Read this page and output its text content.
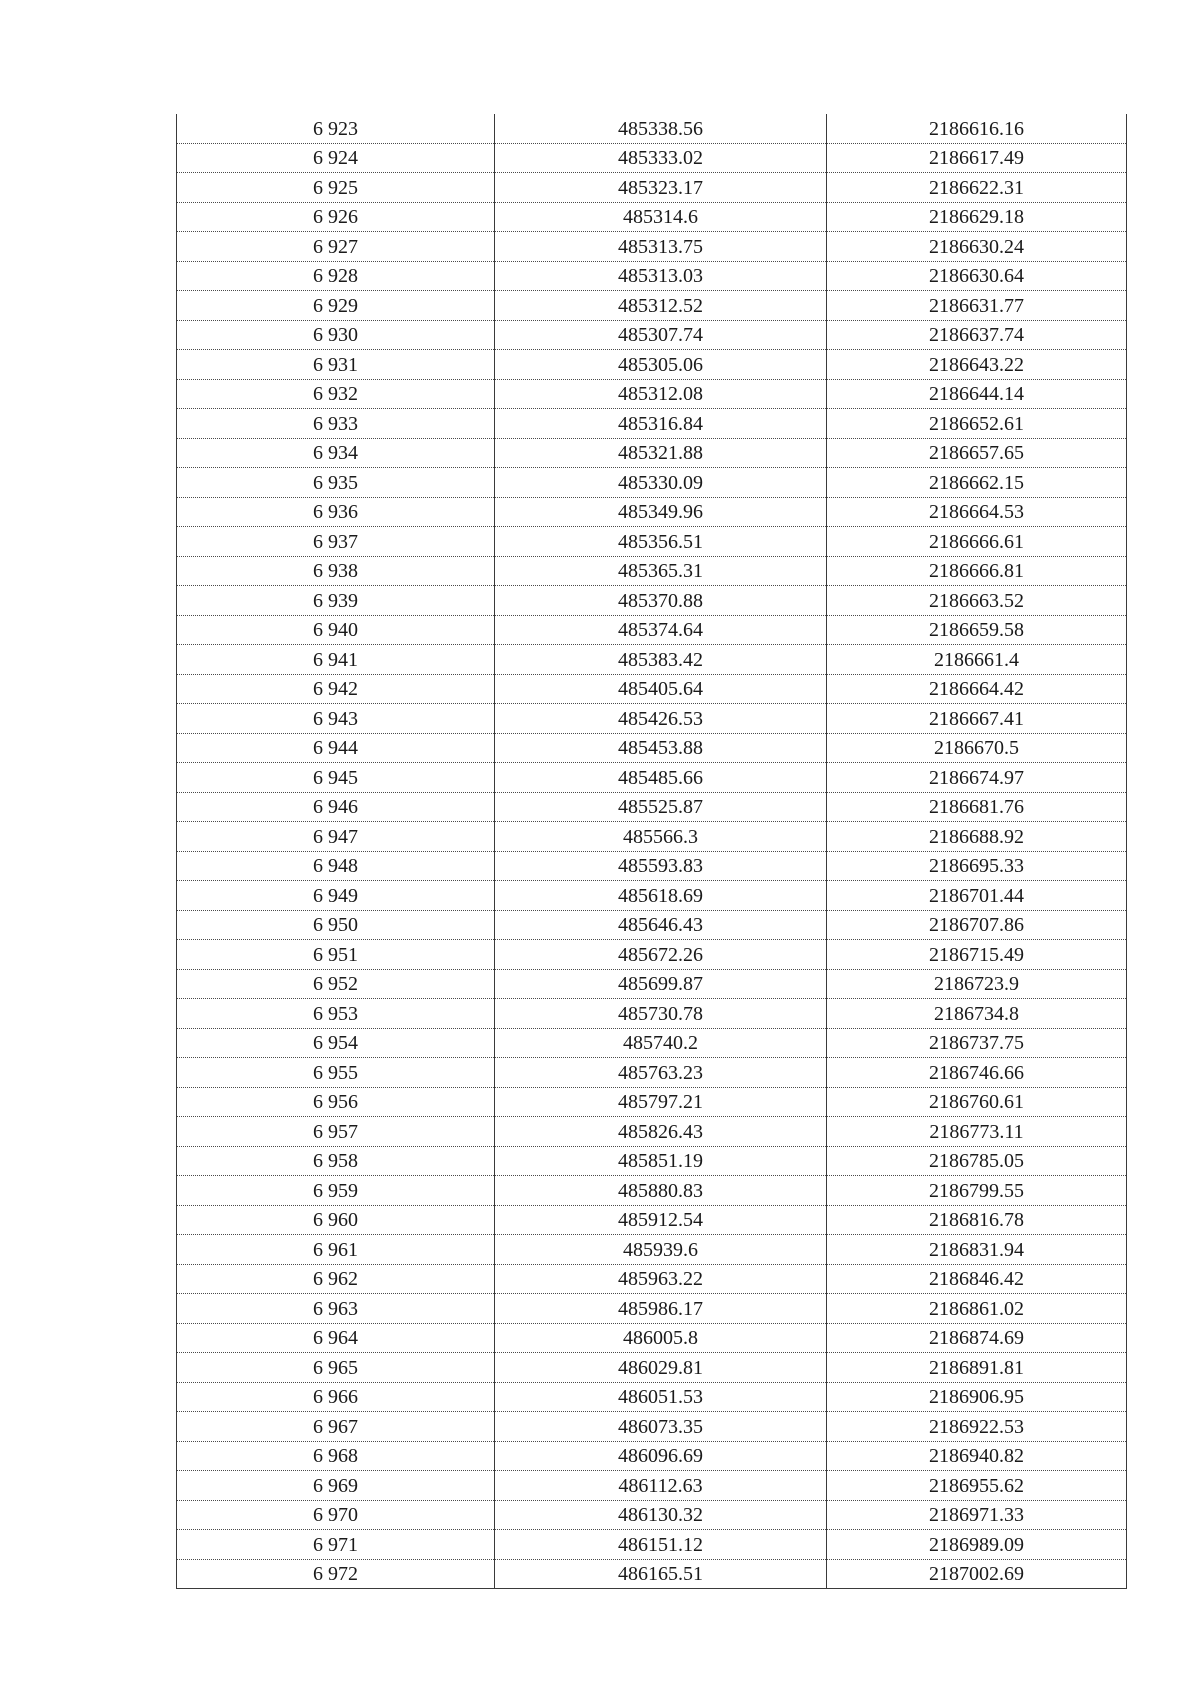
6 923	485338.56	2186616.16
6 924	485333.02	2186617.49
6 925	485323.17	2186622.31
6 926	485314.6	2186629.18
6 927	485313.75	2186630.24
6 928	485313.03	2186630.64
6 929	485312.52	2186631.77
6 930	485307.74	2186637.74
6 931	485305.06	2186643.22
6 932	485312.08	2186644.14
6 933	485316.84	2186652.61
6 934	485321.88	2186657.65
6 935	485330.09	2186662.15
6 936	485349.96	2186664.53
6 937	485356.51	2186666.61
6 938	485365.31	2186666.81
6 939	485370.88	2186663.52
6 940	485374.64	2186659.58
6 941	485383.42	2186661.4
6 942	485405.64	2186664.42
6 943	485426.53	2186667.41
6 944	485453.88	2186670.5
6 945	485485.66	2186674.97
6 946	485525.87	2186681.76
6 947	485566.3	2186688.92
6 948	485593.83	2186695.33
6 949	485618.69	2186701.44
6 950	485646.43	2186707.86
6 951	485672.26	2186715.49
6 952	485699.87	2186723.9
6 953	485730.78	2186734.8
6 954	485740.2	2186737.75
6 955	485763.23	2186746.66
6 956	485797.21	2186760.61
6 957	485826.43	2186773.11
6 958	485851.19	2186785.05
6 959	485880.83	2186799.55
6 960	485912.54	2186816.78
6 961	485939.6	2186831.94
6 962	485963.22	2186846.42
6 963	485986.17	2186861.02
6 964	486005.8	2186874.69
6 965	486029.81	2186891.81
6 966	486051.53	2186906.95
6 967	486073.35	2186922.53
6 968	486096.69	2186940.82
6 969	486112.63	2186955.62
6 970	486130.32	2186971.33
6 971	486151.12	2186989.09
6 972	486165.51	2187002.69
